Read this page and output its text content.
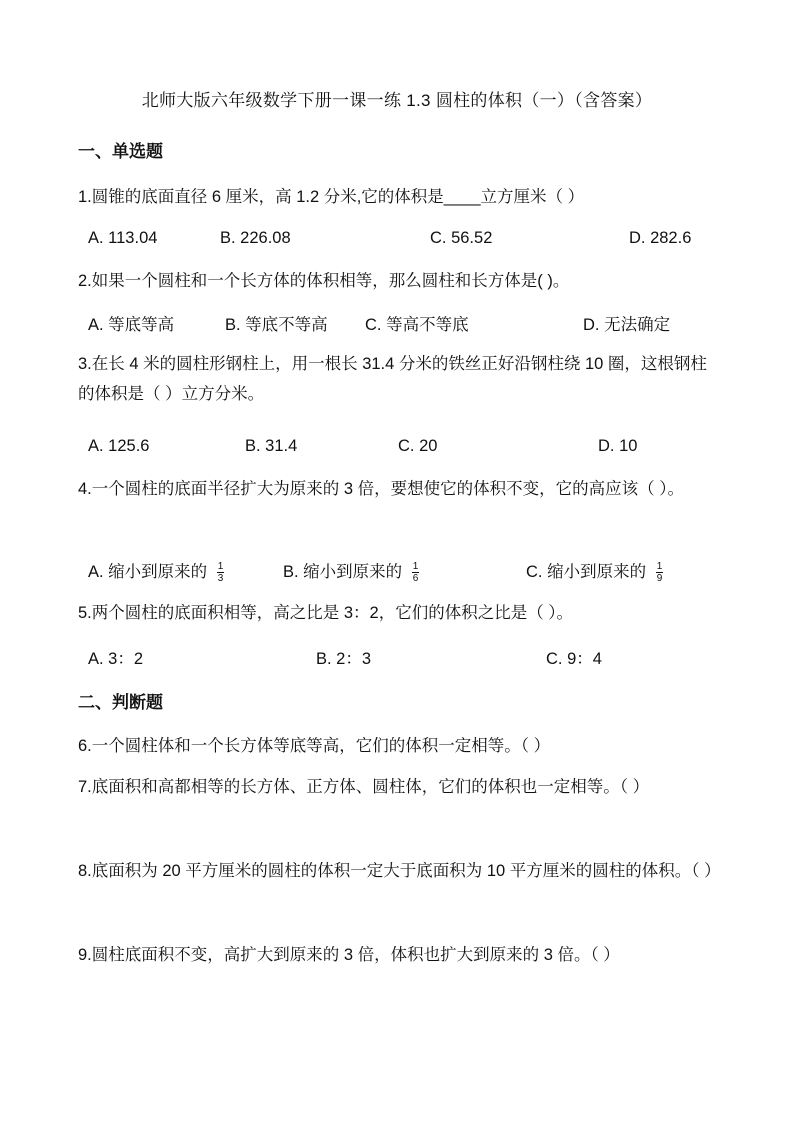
北师大版六年级数学下册一课一练 1.3 圆柱的体积（一）（含答案）
一、单选题
1.圆锥的底面直径 6 厘米，高 1.2 分米,它的体积是____立方厘米（ ）
A. 113.04	B. 226.08	C. 56.52	D. 282.6
2.如果一个圆柱和一个长方体的体积相等，那么圆柱和长方体是( )。
A. 等底等高	B. 等底不等高 C. 等高不等底	D. 无法确定
3.在长 4 米的圆柱形钢柱上，用一根长 31.4 分米的铁丝正好沿钢柱绕 10 圈，这根钢柱的体积是（ ）立方分米。
A. 125.6	B. 31.4	C. 20	D. 10
4.一个圆柱的底面半径扩大为原来的 3 倍，要想使它的体积不变，它的高应该（ ）。
A. 缩小到原来的 $\frac{1}{3}$	B. 缩小到原来的 $\frac{1}{6}$	C. 缩小到原来的 $\frac{1}{9}$
5.两个圆柱的底面积相等，高之比是 3：2，它们的体积之比是（ ）。
A. 3：2	B. 2：3	C. 9：4
二、判断题
6.一个圆柱体和一个长方体等底等高，它们的体积一定相等。（ ）
7.底面积和高都相等的长方体、正方体、圆柱体，它们的体积也一定相等。（ ）
8.底面积为 20 平方厘米的圆柱的体积一定大于底面积为 10 平方厘米的圆柱的体积。（ ）
9.圆柱底面积不变，高扩大到原来的 3 倍，体积也扩大到原来的 3 倍。（ ）
